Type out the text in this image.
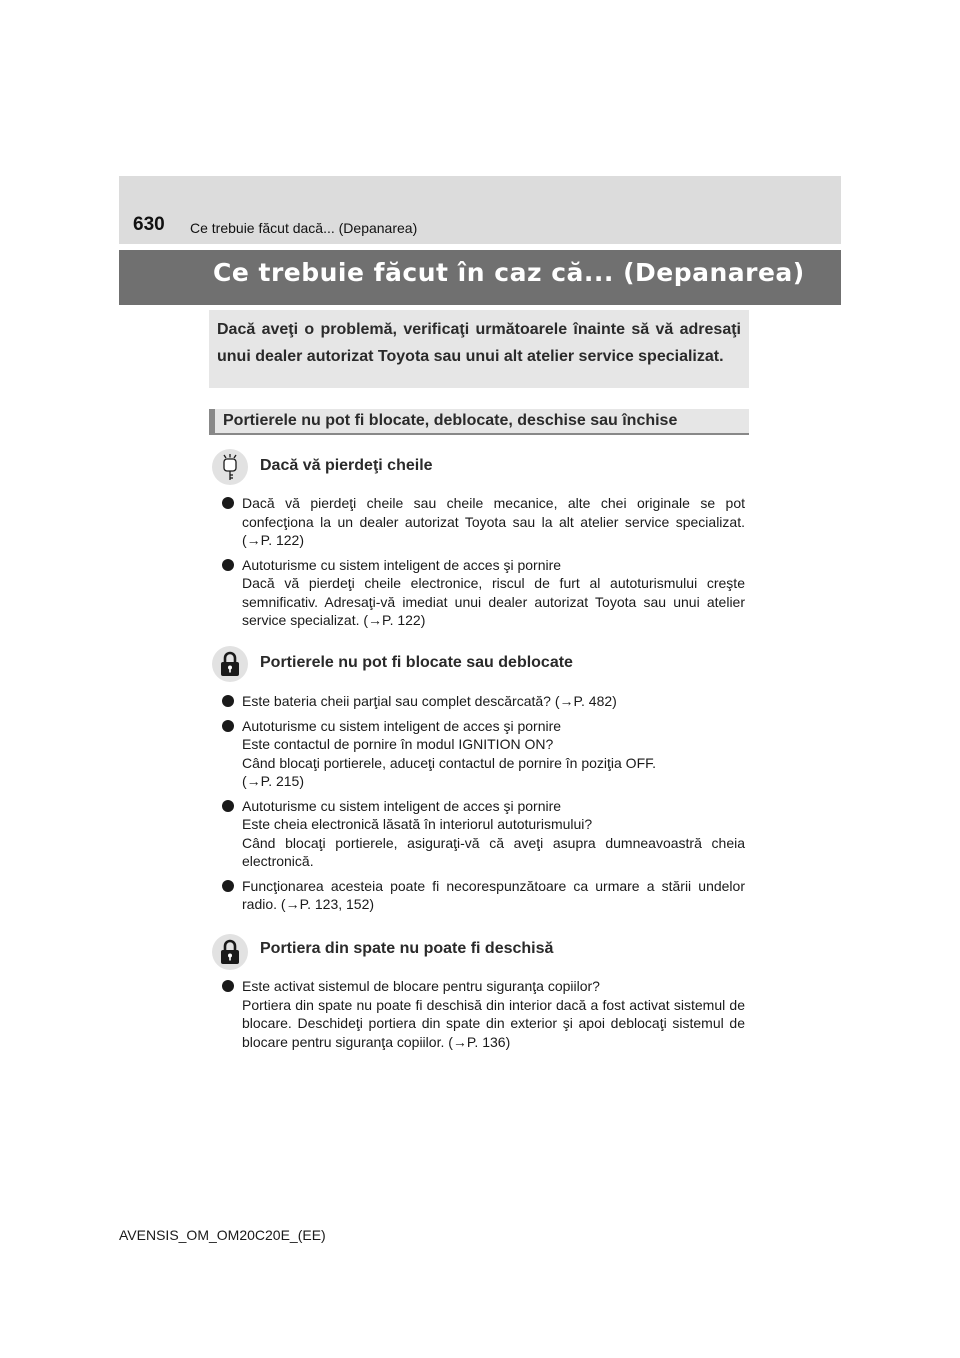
630 Ce trebuie făcut dacă... (Depanarea)
Ce trebuie făcut în caz că... (Depanarea)
Dacă aveţi o problemă, verificaţi următoarele înainte să vă adresaţi unui dealer autorizat Toyota sau unui alt atelier service specializat.
Portierele nu pot fi blocate, deblocate, deschise sau închise
Dacă vă pierdeţi cheile
Dacă vă pierdeţi cheile sau cheile mecanice, alte chei originale se pot confecţiona la un dealer autorizat Toyota sau la alt atelier service specializat. (→P. 122)
Autoturisme cu sistem inteligent de acces şi pornire
Dacă vă pierdeţi cheile electronice, riscul de furt al autoturismului creşte semnificativ. Adresaţi-vă imediat unui dealer autorizat Toyota sau unui atelier service specializat. (→P. 122)
Portierele nu pot fi blocate sau deblocate
Este bateria cheii parţial sau complet descărcată? (→P. 482)
Autoturisme cu sistem inteligent de acces şi pornire
Este contactul de pornire în modul IGNITION ON?
Când blocaţi portierele, aduceţi contactul de pornire în poziţia OFF.
(→P. 215)
Autoturisme cu sistem inteligent de acces şi pornire
Este cheia electronică lăsată în interiorul autoturismului?
Când blocaţi portierele, asiguraţi-vă că aveţi asupra dumneavoastră cheia electronică.
Funcţionarea acesteia poate fi necorespunzătoare ca urmare a stării undelor radio. (→P. 123, 152)
Portiera din spate nu poate fi deschisă
Este activat sistemul de blocare pentru siguranţa copiilor?
Portiera din spate nu poate fi deschisă din interior dacă a fost activat sistemul de blocare. Deschideţi portiera din spate din exterior şi apoi deblocaţi sistemul de blocare pentru siguranţa copiilor. (→P. 136)
AVENSIS_OM_OM20C20E_(EE)
